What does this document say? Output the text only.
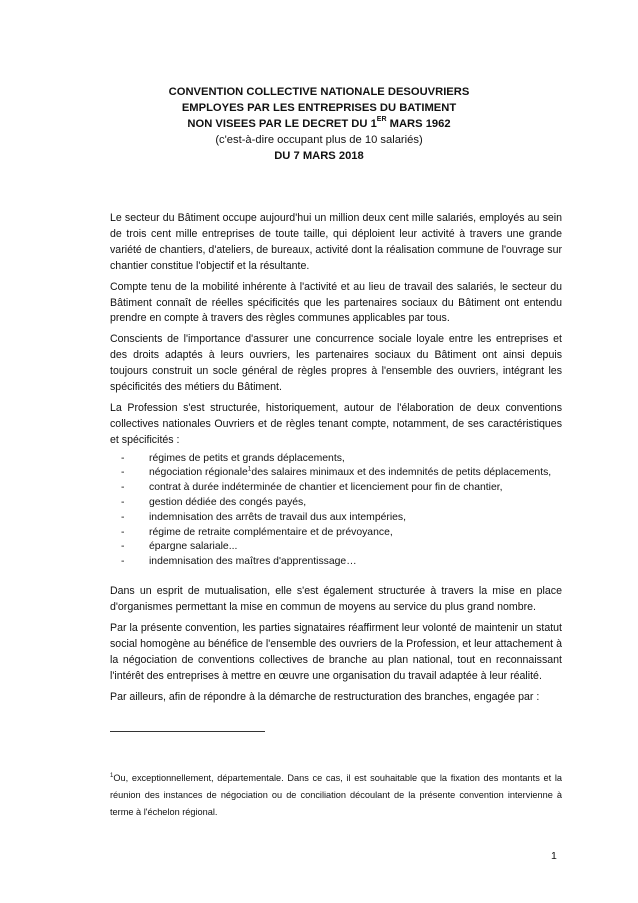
CONVENTION COLLECTIVE NATIONALE DESOUVRIERS
EMPLOYES PAR LES ENTREPRISES DU BATIMENT
NON VISEES PAR LE DECRET DU 1ER MARS 1962
(c'est-à-dire occupant plus de 10 salariés)
DU 7 MARS 2018

Le secteur du Bâtiment occupe aujourd'hui un million deux cent mille salariés, employés au sein de trois cent mille entreprises de toute taille, qui déploient leur activité à travers une grande variété de chantiers, d'ateliers, de bureaux, activité dont la réalisation commune de l'ouvrage sur chantier constitue l'objectif et la résultante.

Compte tenu de la mobilité inhérente à l'activité et au lieu de travail des salariés, le secteur du Bâtiment connaît de réelles spécificités que les partenaires sociaux du Bâtiment ont entendu prendre en compte à travers des règles communes applicables par tous.

Conscients de l'importance d'assurer une concurrence sociale loyale entre les entreprises et des droits adaptés à leurs ouvriers, les partenaires sociaux du Bâtiment ont ainsi depuis toujours construit un socle général de règles propres à l'ensemble des ouvriers, intégrant les spécificités des métiers du Bâtiment.

La Profession s'est structurée, historiquement, autour de l'élaboration de deux conventions collectives nationales Ouvriers et de règles tenant compte, notamment, de ses caractéristiques et spécificités :

- régimes de petits et grands déplacements,
- négociation régionale$^1$des salaires minimaux et des indemnités de petits déplacements,
- contrat à durée indéterminée de chantier et licenciement pour fin de chantier,
- gestion dédiée des congés payés,
- indemnisation des arrêts de travail dus aux intempéries,
- régime de retraite complémentaire et de prévoyance,
- épargne salariale...
- indemnisation des maîtres d'apprentissage…

Dans un esprit de mutualisation, elle s'est également structurée à travers la mise en place d'organismes permettant la mise en commun de moyens au service du plus grand nombre.

Par la présente convention, les parties signataires réaffirment leur volonté de maintenir un statut social homogène au bénéfice de l'ensemble des ouvriers de la Profession, et leur attachement à la négociation de conventions collectives de branche au plan national, tout en reconnaissant l'intérêt des entreprises à mettre en œuvre une organisation du travail adaptée à leur réalité.

Par ailleurs, afin de répondre à la démarche de restructuration des branches, engagée par :

$^1$Ou, exceptionnellement, départementale. Dans ce cas, il est souhaitable que la fixation des montants et la réunion des instances de négociation ou de conciliation découlant de la présente convention intervienne à terme à l'échelon régional.
1
